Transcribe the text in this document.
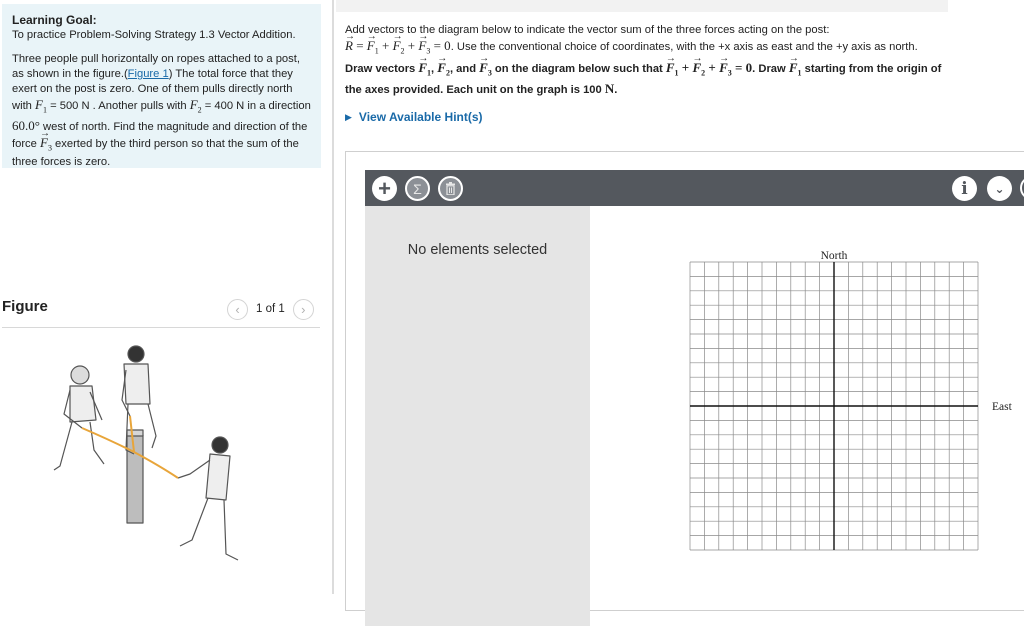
Learning Goal:

To practice Problem-Solving Strategy 1.3 Vector Addition.

Three people pull horizontally on ropes attached to a post, as shown in the figure.(Figure 1) The total force that they exert on the post is zero. One of them pulls directly north with $F_1 = 500$ N . Another pulls with $F_2 = 400$ N in a direction 60.0° west of north. Find the magnitude and direction of the force → $F_3$ exerted by the third person so that the sum of the three forces is zero.

Figure	‹	1 of 1	›

Add vectors to the diagram below to indicate the vector sum of the three forces acting on the post:

→ R = → $F_1$ + → $F_2$ + → $F_3 = 0$. Use the conventional choice of coordinates, with the +x axis as east and the +y axis as north.

Draw vectors → $F_1$, → $F_2$, and → $F_3$ on the diagram below such that → $F_1$ + → $F_2$ + → $F_3 = 0$. Draw → $F_1$ starting from the origin of the axes provided. Each unit on the graph is 100 N.

▶ View Available Hint(s)
+	Σ	i	⌄
No elements selected	North
East
